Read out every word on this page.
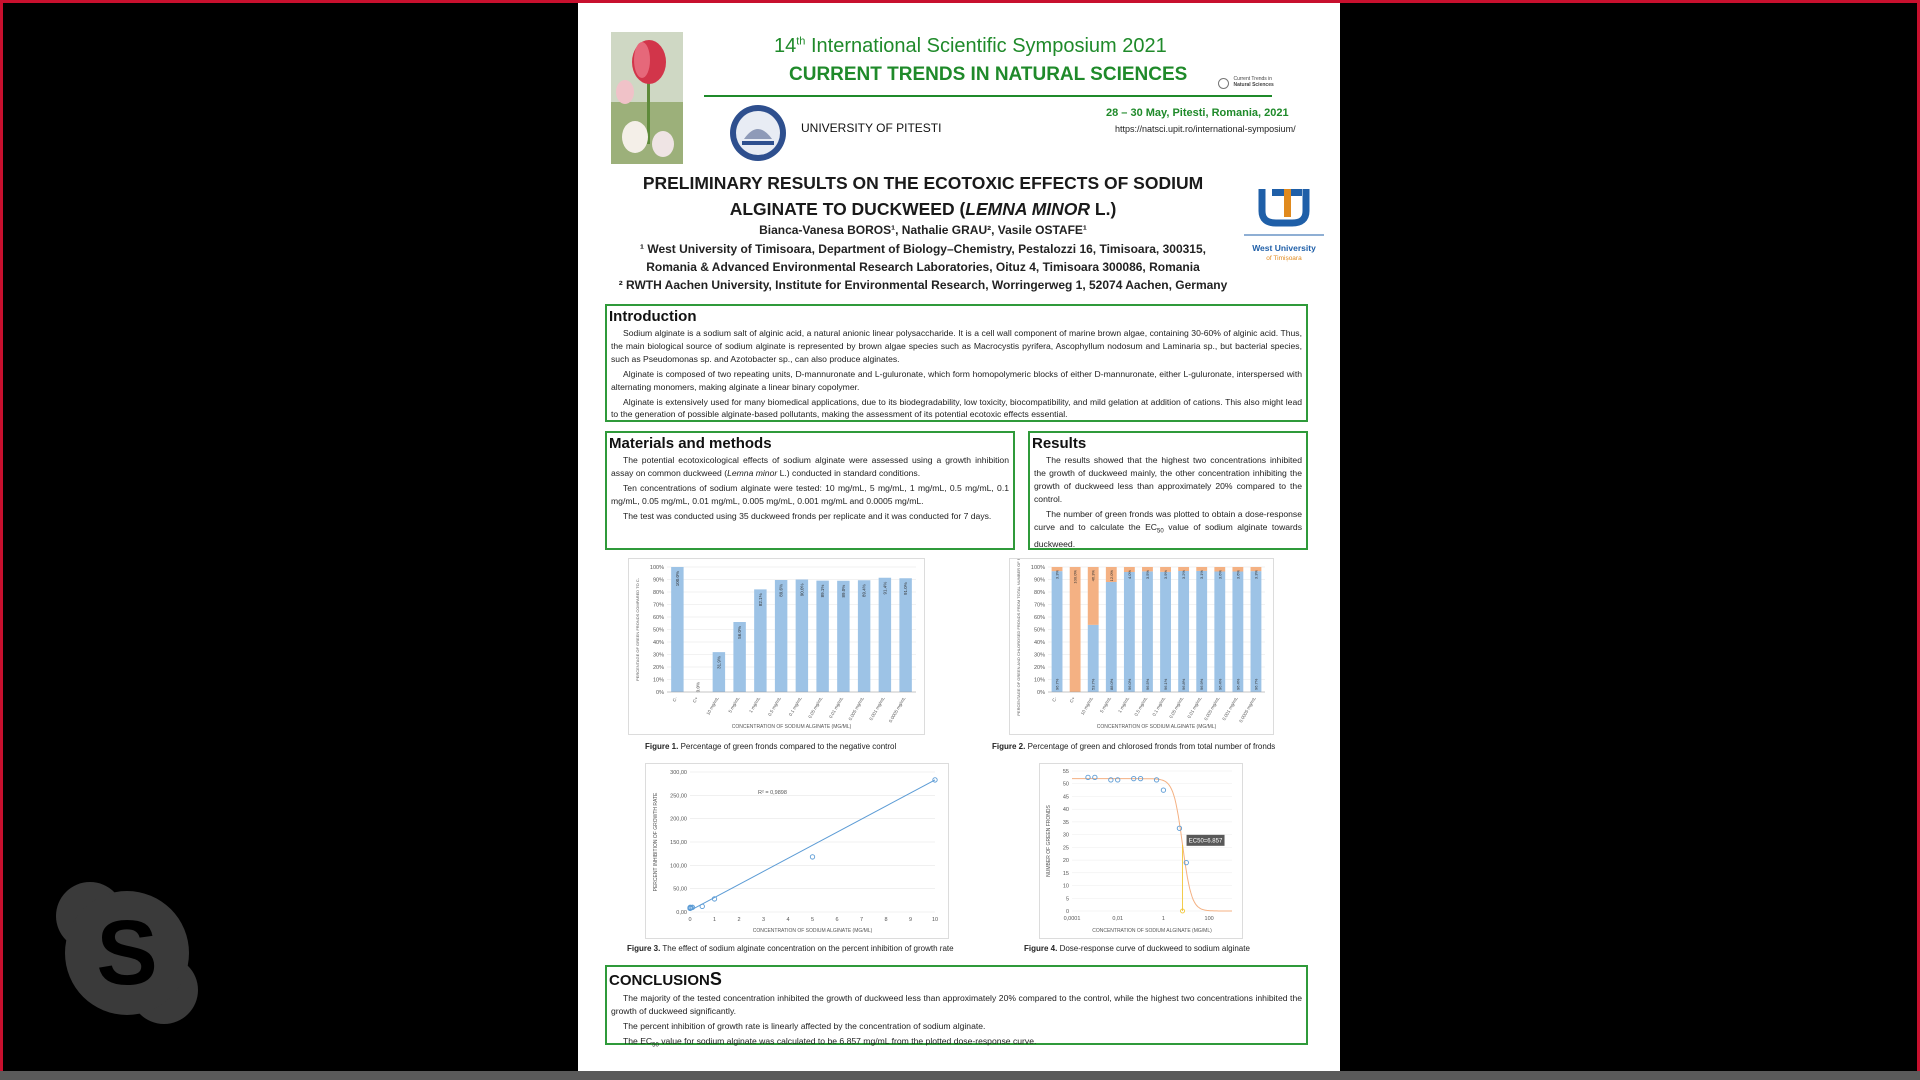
S
14th International Scientific Symposium 2021
CURRENT TRENDS IN NATURAL SCIENCES	Current Trends in
Natural Sciences
UNIVERSITY OF PITESTI
28 – 30 May, Pitesti, Romania, 2021
https://natsci.upit.ro/international-symposium/
PRELIMINARY RESULTS ON THE ECOTOXIC EFFECTS OF SODIUM
ALGINATE TO DUCKWEED (LEMNA MINOR L.)
West University
of Timișoara
Bianca-Vanesa BOROS¹, Nathalie GRAU², Vasile OSTAFE¹
¹ West University of Timisoara, Department of Biology–Chemistry, Pestalozzi 16, Timisoara, 300315,
Romania & Advanced Environmental Research Laboratories, Oituz 4, Timisoara 300086, Romania
² RWTH Aachen University, Institute for Environmental Research, Worringerweg 1, 52074 Aachen, Germany
Introduction

Sodium alginate is a sodium salt of alginic acid, a natural anionic linear polysaccharide. It is a cell wall component of marine brown algae, containing 30-60% of alginic acid. Thus, the main biological source of sodium alginate is represented by brown algae species such as Macrocystis pyrifera, Ascophyllum nodosum and Laminaria sp., but bacterial species, such as Pseudomonas sp. and Azotobacter sp., can also produce alginates.

Alginate is composed of two repeating units, D-mannuronate and L-guluronate, which form homopolymeric blocks of either D-mannuronate, either L-guluronate, interspersed with alternating monomers, making alginate a linear binary copolymer.

Alginate is extensively used for many biomedical applications, due to its biodegradability, low toxicity, biocompatibility, and mild gelation at addition of cations. This also might lead to the generation of possible alginate-based pollutants, making the assessment of its potential ecotoxic effects essential.

Materials and methods

The potential ecotoxicological effects of sodium alginate were assessed using a growth inhibition assay on common duckweed (Lemna minor L.) conducted in standard conditions.

Ten concentrations of sodium alginate were tested: 10 mg/mL, 5 mg/mL, 1 mg/mL, 0.5 mg/mL, 0.1 mg/mL, 0.05 mg/mL, 0.01 mg/mL, 0.005 mg/mL, 0.001 mg/mL and 0.0005 mg/mL.

The test was conducted using 35 duckweed fronds per replicate and it was conducted for 7 days.

Results

The results showed that the highest two concentrations inhibited the growth of duckweed mainly, the other concentration inhibiting the growth of duckweed less than approximately 20% compared to the control.

The number of green fronds was plotted to obtain a dose-response curve and to calculate the $EC_{50}$ value of sodium alginate towards duckweed.

0%
10%
20%
30%
40%
50%
60%
70%
80%
90%
100%
C-
100.0%
C+
0.0%
10 mg/mL
31.9%
5 mg/mL
56.0%
1 mg/mL
82.1%
0.5 mg/mL
89.6%
0.1 mg/mL
90.0%
0.05 mg/mL
89.1%
0.01 mg/mL
89.0%
0.005 mg/mL
89.4%
0.001 mg/mL
91.4%
0.0005 mg/mL
91.0%
CONCENTRATION OF SODIUM ALGINATE (MG/ML)
PERCENTAGE OF GREEN FRONDS COMPARED TO C-
0%
10%
20%
30%
40%
50%
60%
70%
80%
90%
100%
C-
96.7%
3.3%
C+
100.0%
10 mg/mL
53.7%
46.3%
5 mg/mL
88.0%
12.0%
1 mg/mL
96.0%
4.0%
0.5 mg/mL
96.5%
3.5%
0.1 mg/mL
96.1%
3.9%
0.05 mg/mL
96.8%
3.2%
0.01 mg/mL
96.9%
3.1%
0.005 mg/mL
96.4%
3.6%
0.001 mg/mL
96.4%
3.6%
0.0005 mg/mL
96.7%
3.3%
CONCENTRATION OF SODIUM ALGINATE (MG/ML)
PERCENTAGE OF GREEN AND CHLOROSED FRONDS FROM TOTAL NUMBER OF FRONDS
0,00
50,00
100,00
150,00
200,00
250,00
300,00
0	1	2	3	4	5	6	7	8	9	10
R² = 0,9898
CONCENTRATION OF SODIUM ALGINATE (MG/ML)
PERCENT INHIBITION OF GROWTH RATE
0
5
10
15
20
25
30
35
40
45
50
55
0,0001	0,01	1	100
EC50=6.857
CONCENTRATION OF SODIUM ALGINATE (MG/ML)
NUMBER OF GREEN FRONDS
Figure 1. Percentage of green fronds compared to the negative control	Figure 2. Percentage of green and chlorosed fronds from total number of fronds
Figure 3. The effect of sodium alginate concentration on the percent inhibition of growth rate	Figure 4. Dose-response curve of duckweed to sodium alginate
CONCLUSIONS

The majority of the tested concentration inhibited the growth of duckweed less than approximately 20% compared to the control, while the highest two concentrations inhibited the growth of duckweed significantly.

The percent inhibition of growth rate is linearly affected by the concentration of sodium alginate.

The $EC_{50}$ value for sodium alginate was calculated to be 6.857 mg/mL from the plotted dose-response curve.
